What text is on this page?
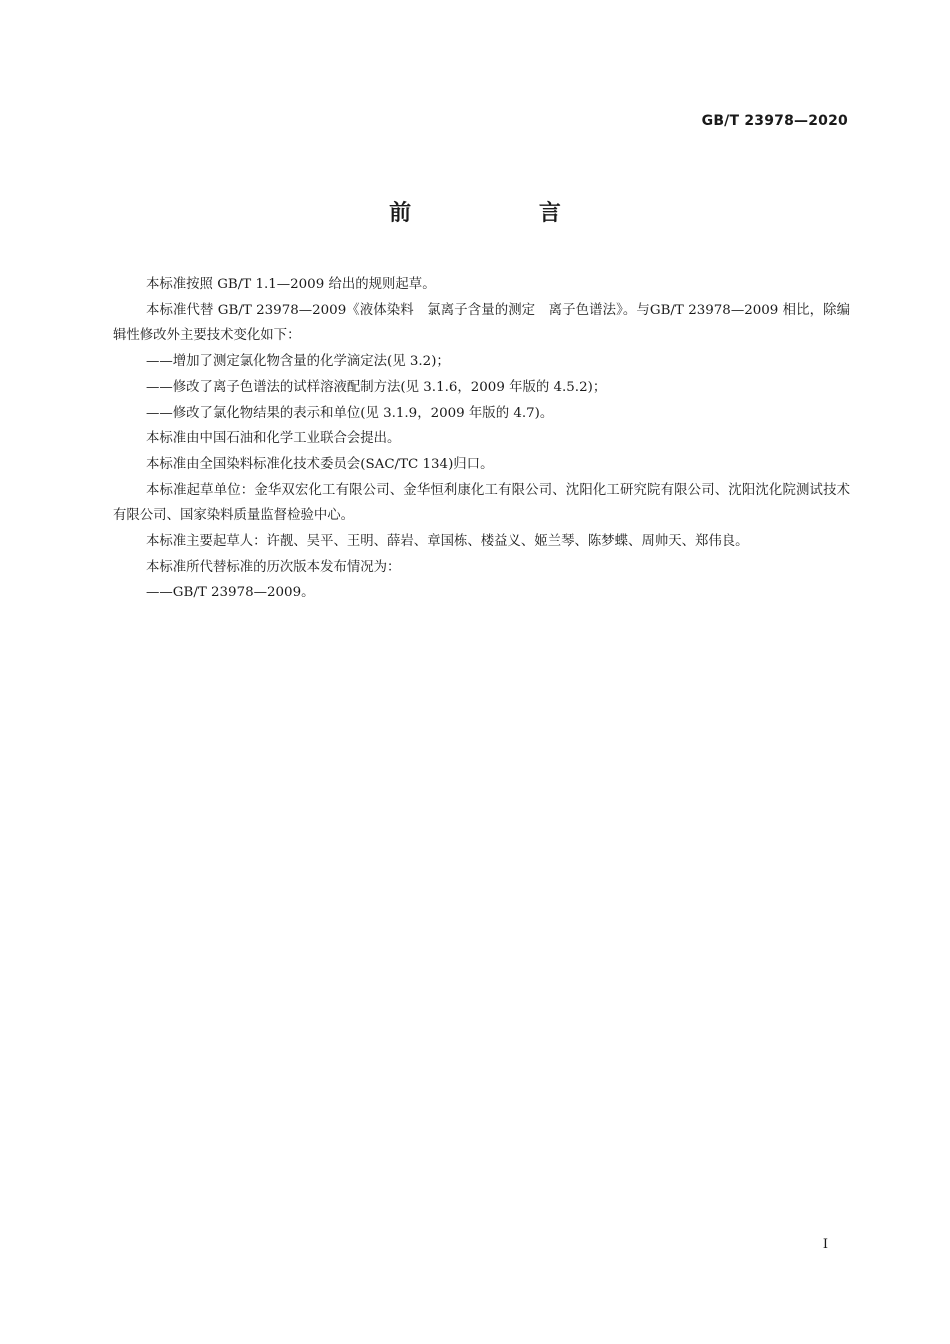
GB/T 23978—2020
前 言

本标准按照 GB/T 1.1—2009 给出的规则起草。

本标准代替 GB/T 23978—2009《液体染料　氯离子含量的测定　离子色谱法》。与GB/T 23978—2009 相比，除编辑性修改外主要技术变化如下：

——增加了测定氯化物含量的化学滴定法(见 3.2)；

——修改了离子色谱法的试样溶液配制方法(见 3.1.6，2009 年版的 4.5.2)；

——修改了氯化物结果的表示和单位(见 3.1.9，2009 年版的 4.7)。

本标准由中国石油和化学工业联合会提出。

本标准由全国染料标准化技术委员会(SAC/TC 134)归口。

本标准起草单位：金华双宏化工有限公司、金华恒利康化工有限公司、沈阳化工研究院有限公司、沈阳沈化院测试技术有限公司、国家染料质量监督检验中心。

本标准主要起草人：许靓、吴平、王明、薛岩、章国栋、楼益义、姬兰琴、陈梦蝶、周帅天、郑伟良。

本标准所代替标准的历次版本发布情况为：

——GB/T 23978—2009。

I
